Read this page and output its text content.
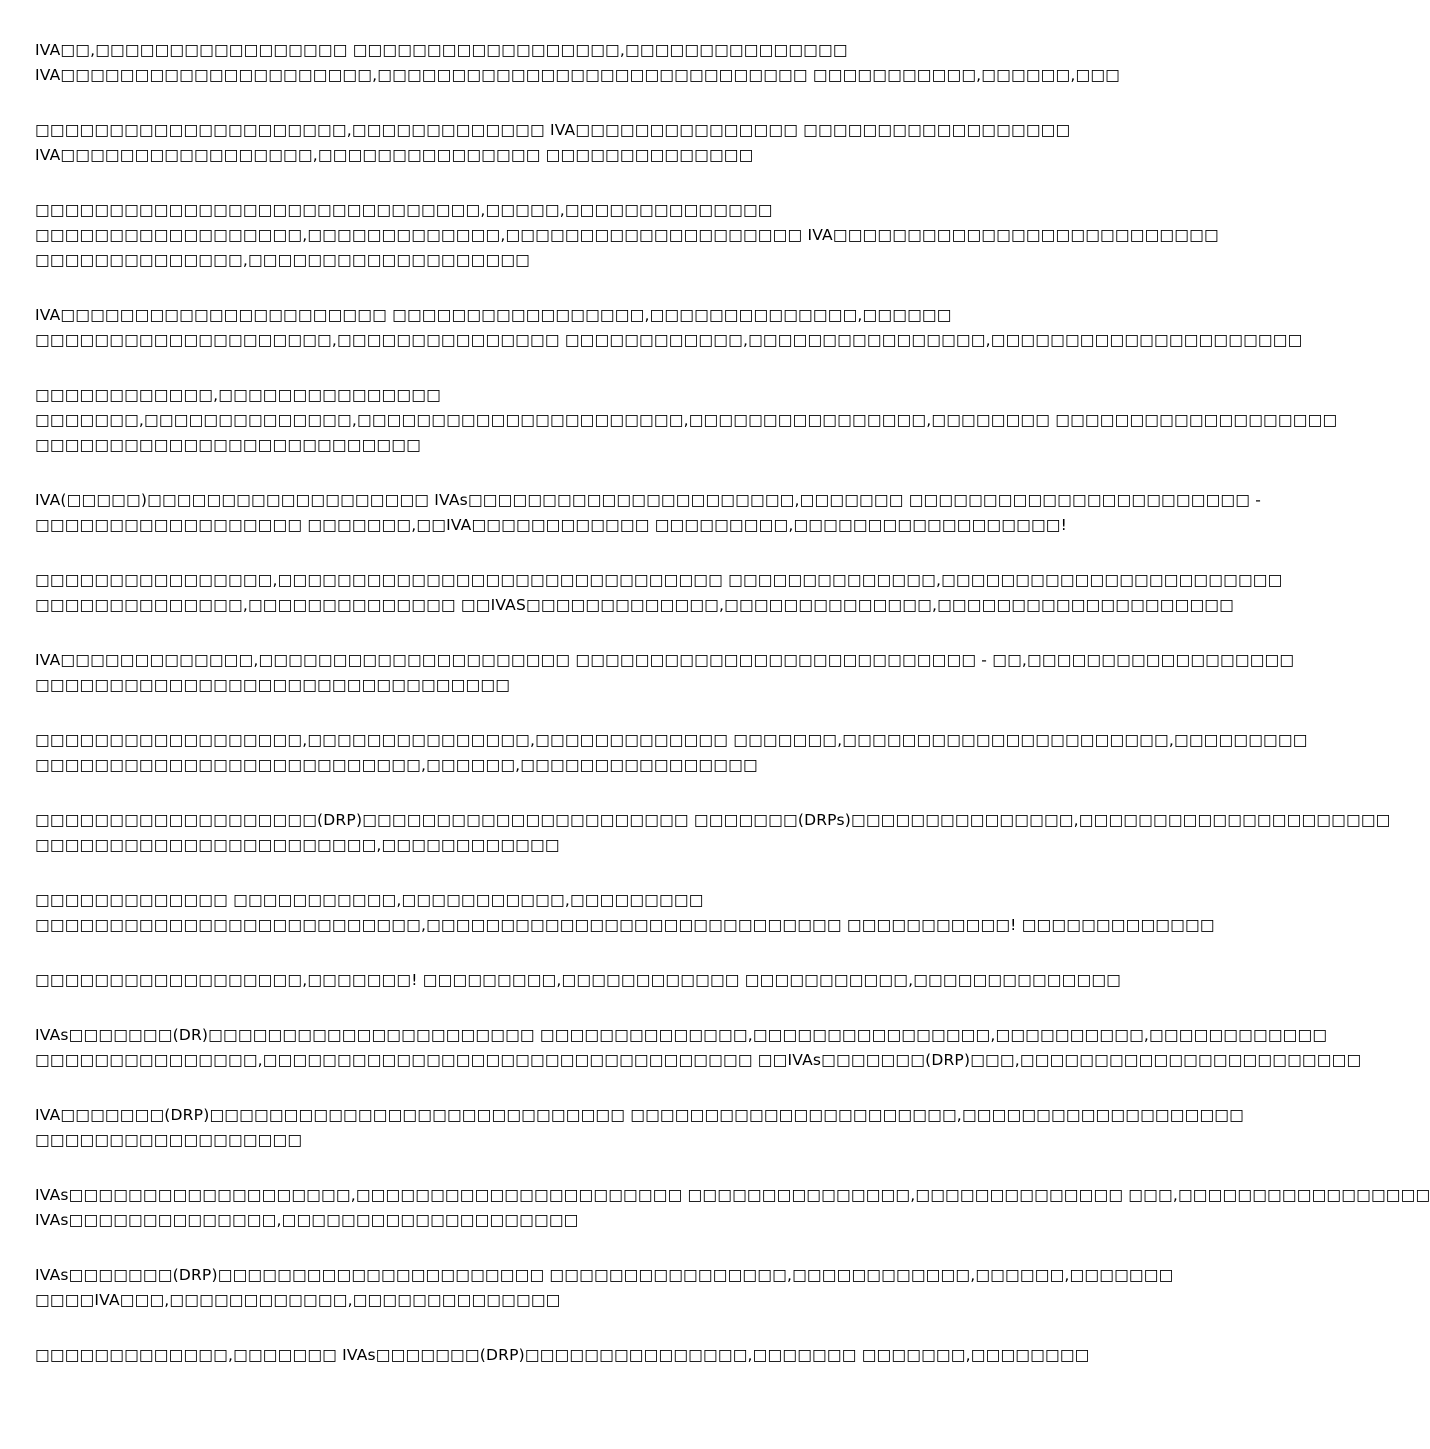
IVA□□,□□□□□□□□□□□□□□□□□ □□□□□□□□□□□□□□□□□□,□□□□□□□□□□□□□□□
IVA□□□□□□□□□□□□□□□□□□□□□,□□□□□□□□□□□□□□□□□□□□□□□□□□□□□ □□□□□□□□□□□,□□□□□□,□□□
□□□□□□□□□□□□□□□□□□□□□,□□□□□□□□□□□□□ IVA□□□□□□□□□□□□□□□ □□□□□□□□□□□□□□□□□□
IVA□□□□□□□□□□□□□□□□□,□□□□□□□□□□□□□□□ □□□□□□□□□□□□□□
□□□□□□□□□□□□□□□□□□□□□□□□□□□□□□,□□□□□,□□□□□□□□□□□□□□
□□□□□□□□□□□□□□□□□□,□□□□□□□□□□□□□,□□□□□□□□□□□□□□□□□□□□ IVA□□□□□□□□□□□□□□□□□□□□□□□□□□
□□□□□□□□□□□□□□,□□□□□□□□□□□□□□□□□□□
IVA□□□□□□□□□□□□□□□□□□□□□□ □□□□□□□□□□□□□□□□□,□□□□□□□□□□□□□□,□□□□□□
□□□□□□□□□□□□□□□□□□□□,□□□□□□□□□□□□□□□ □□□□□□□□□□□□,□□□□□□□□□□□□□□□□,□□□□□□□□□□□□□□□□□□□□□
□□□□□□□□□□□□,□□□□□□□□□□□□□□□
□□□□□□□,□□□□□□□□□□□□□□,□□□□□□□□□□□□□□□□□□□□□□,□□□□□□□□□□□□□□□□,□□□□□□□□ □□□□□□□□□□□□□□□□□□□
□□□□□□□□□□□□□□□□□□□□□□□□□□
IVA(□□□□□)□□□□□□□□□□□□□□□□□□□ IVAs□□□□□□□□□□□□□□□□□□□□□□,□□□□□□□ □□□□□□□□□□□□□□□□□□□□□□□ -
□□□□□□□□□□□□□□□□□□ □□□□□□□,□□IVA□□□□□□□□□□□□ □□□□□□□□□,□□□□□□□□□□□□□□□□□□!
□□□□□□□□□□□□□□□□,□□□□□□□□□□□□□□□□□□□□□□□□□□□□□□ □□□□□□□□□□□□□□,□□□□□□□□□□□□□□□□□□□□□□□
□□□□□□□□□□□□□□,□□□□□□□□□□□□□□ □□IVAS□□□□□□□□□□□□□,□□□□□□□□□□□□□□,□□□□□□□□□□□□□□□□□□□□
IVA□□□□□□□□□□□□□,□□□□□□□□□□□□□□□□□□□□□ □□□□□□□□□□□□□□□□□□□□□□□□□□□ - □□,□□□□□□□□□□□□□□□□□□
□□□□□□□□□□□□□□□□□□□□□□□□□□□□□□□□
□□□□□□□□□□□□□□□□□□,□□□□□□□□□□□□□□□,□□□□□□□□□□□□□ □□□□□□□,□□□□□□□□□□□□□□□□□□□□□□,□□□□□□□□□
□□□□□□□□□□□□□□□□□□□□□□□□□□,□□□□□□,□□□□□□□□□□□□□□□□
□□□□□□□□□□□□□□□□□□□(DRP)□□□□□□□□□□□□□□□□□□□□□□ □□□□□□□(DRPs)□□□□□□□□□□□□□□□,□□□□□□□□□□□□□□□□□□□□□
□□□□□□□□□□□□□□□□□□□□□□□,□□□□□□□□□□□□
□□□□□□□□□□□□□ □□□□□□□□□□□,□□□□□□□□□□□,□□□□□□□□□
□□□□□□□□□□□□□□□□□□□□□□□□□□,□□□□□□□□□□□□□□□□□□□□□□□□□□□□ □□□□□□□□□□□! □□□□□□□□□□□□□
□□□□□□□□□□□□□□□□□□,□□□□□□□! □□□□□□□□□,□□□□□□□□□□□□ □□□□□□□□□□□,□□□□□□□□□□□□□□
IVAs□□□□□□□(DR)□□□□□□□□□□□□□□□□□□□□□□ □□□□□□□□□□□□□□,□□□□□□□□□□□□□□□□,□□□□□□□□□□,□□□□□□□□□□□□
□□□□□□□□□□□□□□□,□□□□□□□□□□□□□□□□□□□□□□□□□□□□□□□□□ □□IVAs□□□□□□□(DRP)□□□,□□□□□□□□□□□□□□□□□□□□□□□
IVA□□□□□□□(DRP)□□□□□□□□□□□□□□□□□□□□□□□□□□□□ □□□□□□□□□□□□□□□□□□□□□□,□□□□□□□□□□□□□□□□□□□
□□□□□□□□□□□□□□□□□□
IVAs□□□□□□□□□□□□□□□□□□□,□□□□□□□□□□□□□□□□□□□□□□ □□□□□□□□□□□□□□□,□□□□□□□□□□□□□□ □□□,□□□□□□□□□□□□□□□□□
IVAs□□□□□□□□□□□□□□,□□□□□□□□□□□□□□□□□□□□
IVAs□□□□□□□(DRP)□□□□□□□□□□□□□□□□□□□□□□ □□□□□□□□□□□□□□□□,□□□□□□□□□□□□,□□□□□□,□□□□□□□
□□□□IVA□□□,□□□□□□□□□□□□,□□□□□□□□□□□□□□
□□□□□□□□□□□□□,□□□□□□□ IVAs□□□□□□□(DRP)□□□□□□□□□□□□□□□,□□□□□□□ □□□□□□□,□□□□□□□□
